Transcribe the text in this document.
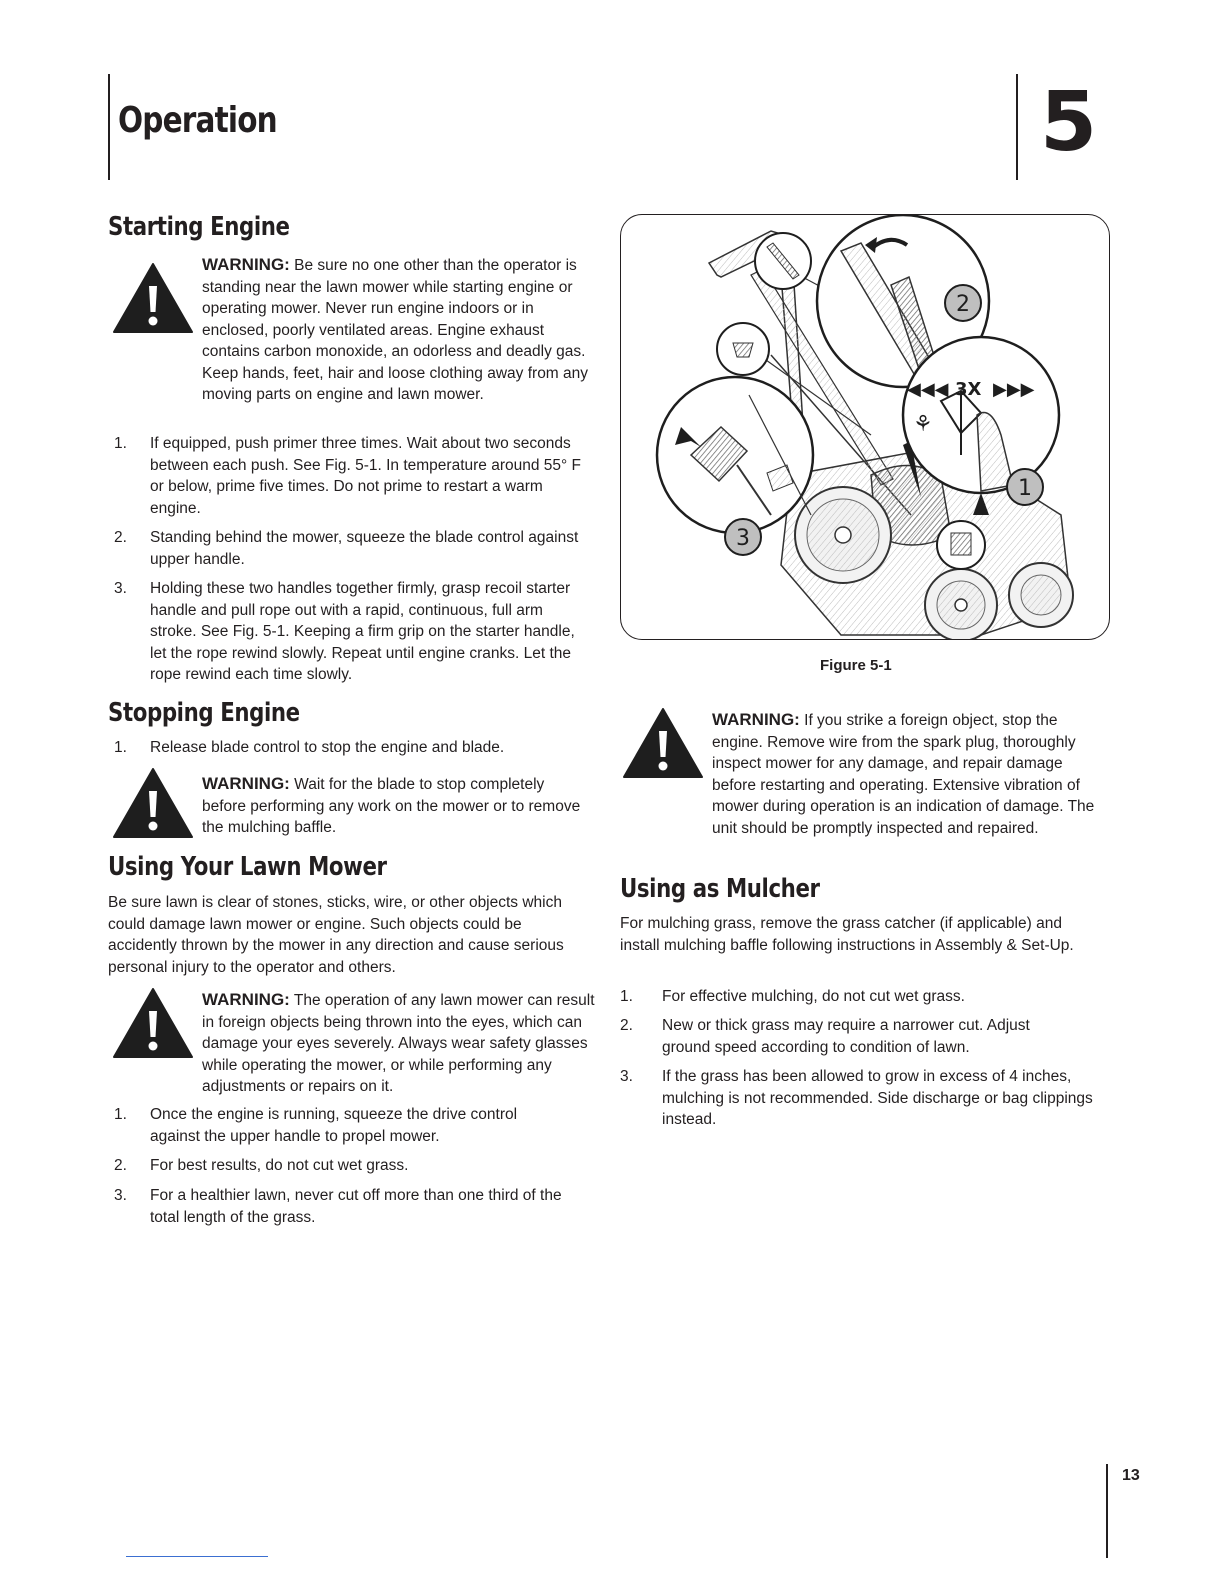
Operation	5
Starting Engine
WARNING: Be sure no one other than the operator is standing near the lawn mower while starting engine or operating mower. Never run engine indoors or in enclosed, poorly ventilated areas. Engine exhaust contains carbon monoxide, an odorless and deadly gas. Keep hands, feet, hair and loose clothing away from any moving parts on engine and lawn mower.
1. If equipped, push primer three times. Wait about two seconds between each push. See Fig. 5-1. In temperature around 55° F or below, prime five times. Do not prime to restart a warm engine.
2. Standing behind the mower, squeeze the blade control against upper handle.
3. Holding these two handles together firmly, grasp recoil starter handle and pull rope out with a rapid, continuous, full arm stroke. See Fig. 5-1. Keeping a firm grip on the starter handle, let the rope rewind slowly. Repeat until engine cranks. Let the rope rewind each time slowly.
Stopping Engine
1. Release blade control to stop the engine and blade.
WARNING: Wait for the blade to stop completely before performing any work on the mower or to remove the mulching baffle.
Using Your Lawn Mower
Be sure lawn is clear of stones, sticks, wire, or other objects which could damage lawn mower or engine. Such objects could be accidently thrown by the mower in any direction and cause serious personal injury to the operator and others.
WARNING: The operation of any lawn mower can result in foreign objects being thrown into the eyes, which can damage your eyes severely. Always wear safety glasses while operating the mower, or while performing any adjustments or repairs on it.
1. Once the engine is running, squeeze the drive control against the upper handle to propel mower.
2. For best results, do not cut wet grass.
3. For a healthier lawn, never cut off more than one third of the total length of the grass.
⚘
◀◀◀ 3X ▶▶▶
2
1
3
Figure 5-1
WARNING: If you strike a foreign object, stop the engine. Remove wire from the spark plug, thoroughly inspect mower for any damage, and repair damage before restarting and operating. Extensive vibration of mower during operation is an indication of damage. The unit should be promptly inspected and repaired.
Using as Mulcher
For mulching grass, remove the grass catcher (if applicable) and install mulching baffle following instructions in Assembly & Set-Up.
1. For effective mulching, do not cut wet grass.
2. New or thick grass may require a narrower cut. Adjust ground speed according to condition of lawn.
3. If the grass has been allowed to grow in excess of 4 inches, mulching is not recommended. Side discharge or bag clippings instead.
13
